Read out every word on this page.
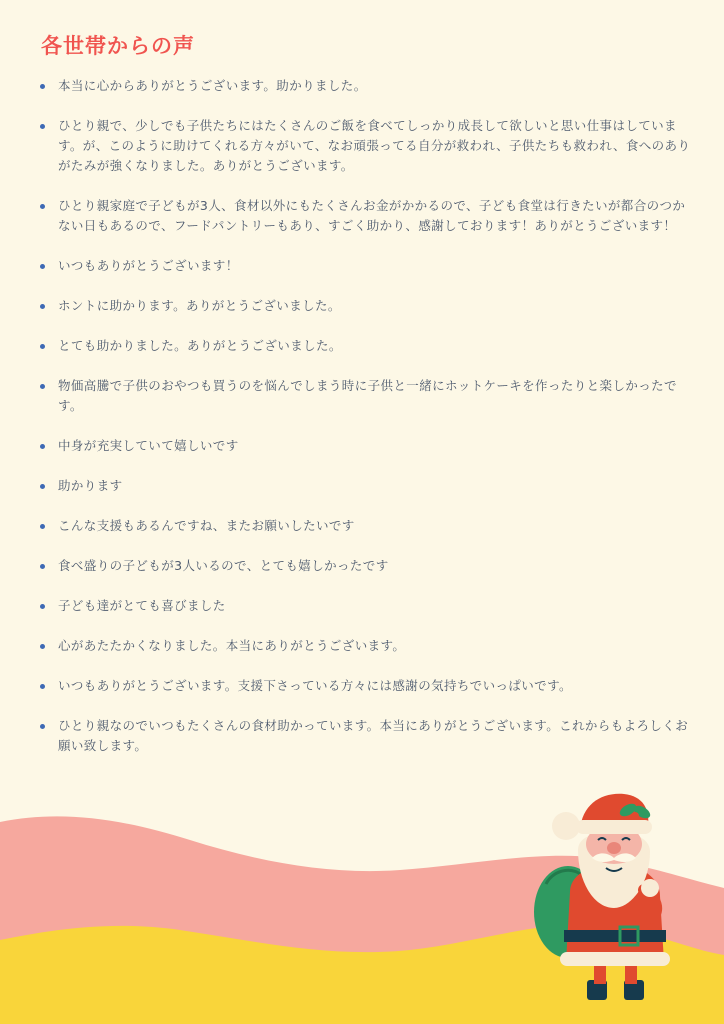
各世帯からの声
本当に心からありがとうございます。助かりました。
ひとり親で、少しでも子供たちにはたくさんのご飯を食べてしっかり成長して欲しいと思い仕事はしています。が、このように助けてくれる方々がいて、なお頑張ってる自分が救われ、子供たちも救われ、食へのありがたみが強くなりました。ありがとうございます。
ひとり親家庭で子どもが3人、食材以外にもたくさんお金がかかるので、子ども食堂は行きたいが都合のつかない日もあるので、フードパントリーもあり、すごく助かり、感謝しております！ありがとうございます！
いつもありがとうございます！
ホントに助かります。ありがとうございました。
とても助かりました。ありがとうございました。
物価高騰で子供のおやつも買うのを悩んでしまう時に子供と一緒にホットケーキを作ったりと楽しかったです。
中身が充実していて嬉しいです
助かります
こんな支援もあるんですね、またお願いしたいです
食べ盛りの子どもが3人いるので、とても嬉しかったです
子ども達がとても喜びました
心があたたかくなりました。本当にありがとうございます。
いつもありがとうございます。支援下さっている方々には感謝の気持ちでいっぱいです。
ひとり親なのでいつもたくさんの食材助かっています。本当にありがとうございます。これからもよろしくお願い致します。
